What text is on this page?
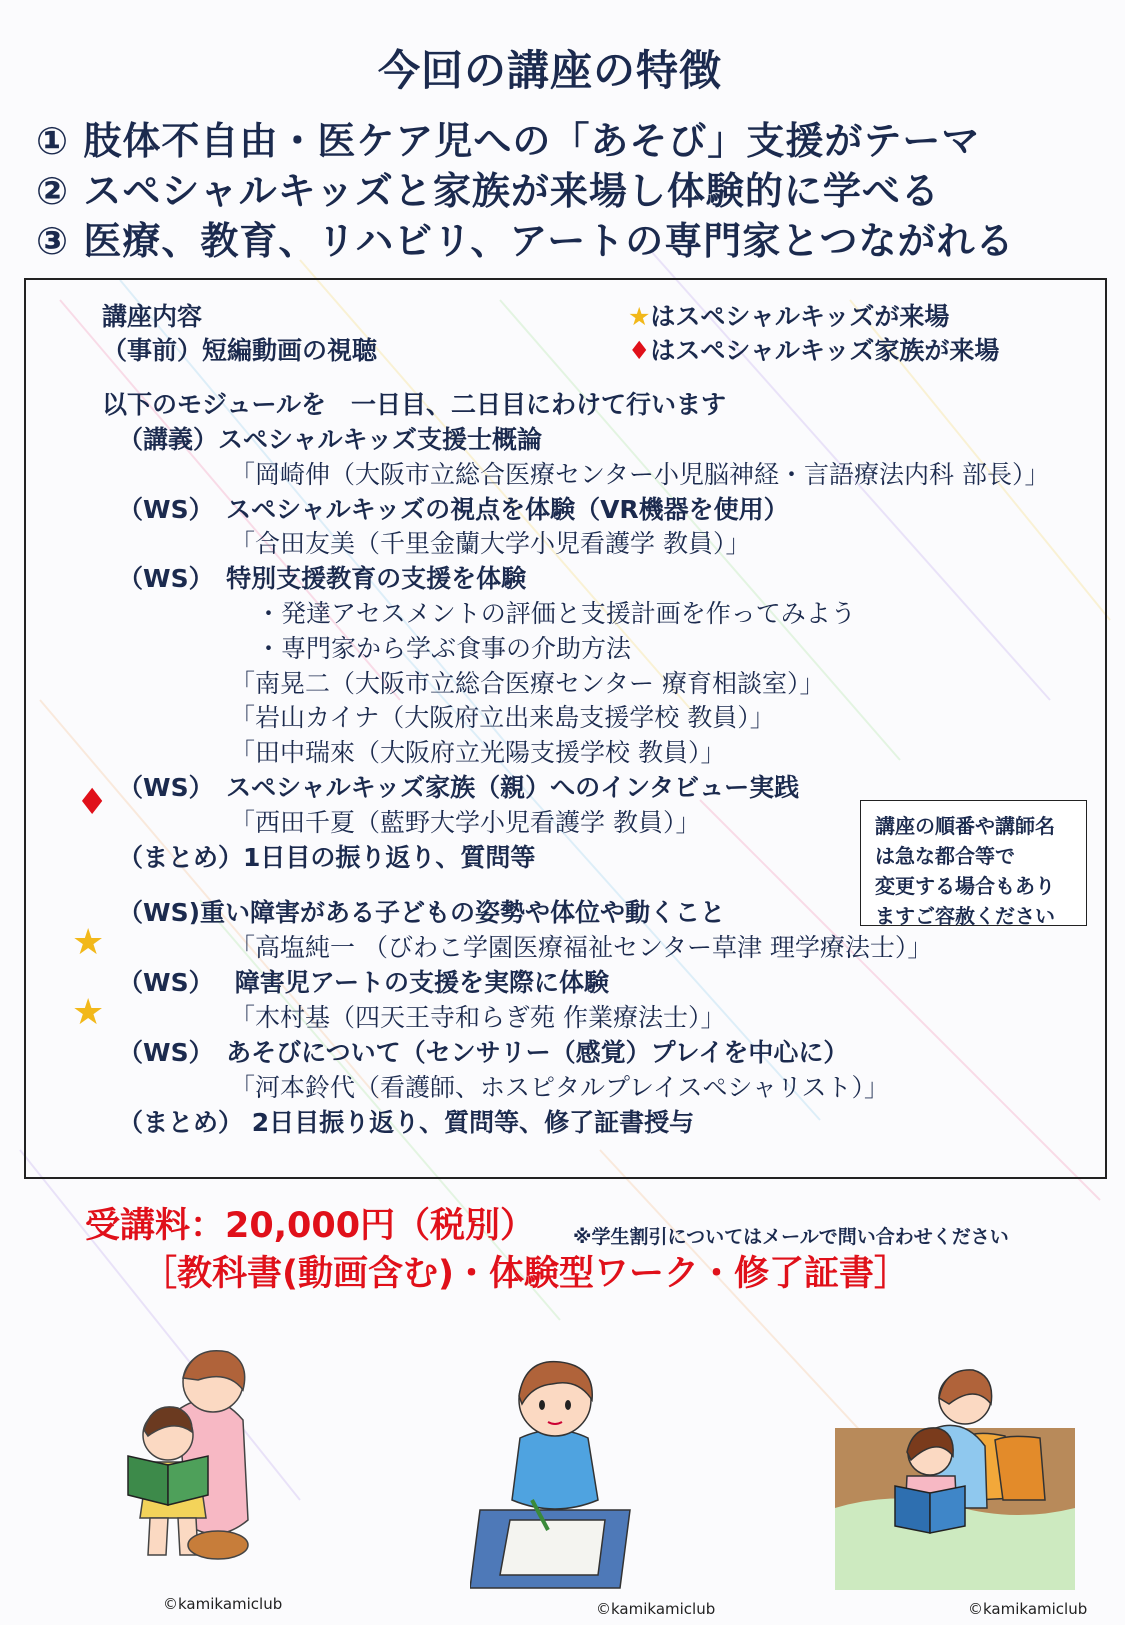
今回の講座の特徴
① 肢体不自由・医ケア児への「あそび」支援がテーマ
② スペシャルキッズと家族が来場し体験的に学べる
③ 医療、教育、リハビリ、アートの専門家とつながれる
★はスペシャルキッズが来場
♦はスペシャルキッズ家族が来場
講座内容
（事前）短編動画の視聴
以下のモジュールを　一日目、二日目にわけて行います
（講義）スペシャルキッズ支援士概論
「岡崎伸（大阪市立総合医療センター小児脳神経・言語療法内科 部長）」
（WS）　スペシャルキッズの視点を体験（VR機器を使用）
「合田友美（千里金蘭大学小児看護学 教員）」
（WS）　特別支援教育の支援を体験
・発達アセスメントの評価と支援計画を作ってみよう
・専門家から学ぶ食事の介助方法
「南晃二（大阪市立総合医療センター 療育相談室）」
「岩山カイナ（大阪府立出来島支援学校 教員）」
「田中瑞來（大阪府立光陽支援学校 教員）」
（WS）　スペシャルキッズ家族（親）へのインタビュー実践
「西田千夏（藍野大学小児看護学 教員）」
（まとめ）1日目の振り返り、質問等
（WS)重い障害がある子どもの姿勢や体位や動くこと
「高塩純一 （びわこ学園医療福祉センター草津 理学療法士）」
（WS）　 障害児アートの支援を実際に体験
「木村基（四天王寺和らぎ苑 作業療法士）」
（WS）　あそびについて（センサリー（感覚）プレイを中心に）
「河本鈴代（看護師、ホスピタルプレイスペシャリスト）」
（まとめ） 2日目振り返り、質問等、修了証書授与
♦
★
★
講座の順番や講師名
は急な都合等で
変更する場合もあり
ますご容赦ください
受講料：20,000円（税別） ※学生割引についてはメールで問い合わせください
［教科書(動画含む)・体験型ワーク・修了証書］
©kamikamiclub	©kamikamiclub	©kamikamiclub
